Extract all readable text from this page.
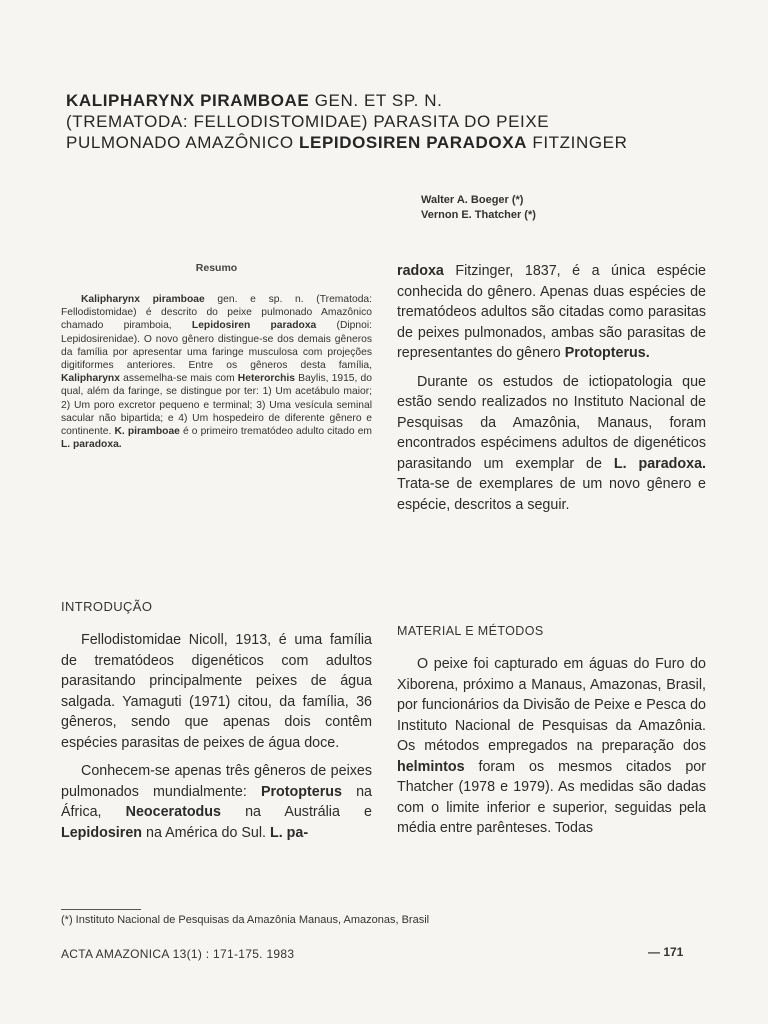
KALIPHARYNX PIRAMBOAE GEN. ET SP. N.
(TREMATODA: FELLODISTOMIDAE) PARASITA DO PEIXE
PULMONADO AMAZÔNICO LEPIDOSIREN PARADOXA FITZINGER
Walter A. Boeger (*)
Vernon E. Thatcher (*)
Resumo

Kalipharynx piramboae gen. e sp. n. (Trematoda: Fellodistomidae) é descrito do peixe pulmonado Amazônico chamado piramboia, Lepidosiren paradoxa (Dipnoi: Lepidosirenidae). O novo gênero distingue-se dos demais gêneros da família por apresentar uma faringe musculosa com projeções digitiformes anteriores. Entre os gêneros desta família, Kalipharynx assemelha-se mais com Heterorchis Baylis, 1915, do qual, além da faringe, se distingue por ter: 1) Um acetábulo maior; 2) Um poro excretor pequeno e terminal; 3) Uma vesícula seminal sacular não bipartida; e 4) Um hospedeiro de diferente gênero e continente. K. piramboae é o primeiro trematódeo adulto citado em L. paradoxa.

INTRODUÇÃO

Fellodistomidae Nicoll, 1913, é uma família de trematódeos digenéticos com adultos parasitando principalmente peixes de água salgada. Yamaguti (1971) citou, da família, 36 gêneros, sendo que apenas dois contêm espécies parasitas de peixes de água doce.

Conhecem-se apenas três gêneros de peixes pulmonados mundialmente: Protopterus na África, Neoceratodus na Austrália e Lepidosiren na América do Sul. L. pa-

radoxa Fitzinger, 1837, é a única espécie conhecida do gênero. Apenas duas espécies de trematódeos adultos são citadas como parasitas de peixes pulmonados, ambas são parasitas de representantes do gênero Protopterus.

Durante os estudos de ictiopatologia que estão sendo realizados no Instituto Nacional de Pesquisas da Amazônia, Manaus, foram encontrados espécimens adultos de digenéticos parasitando um exemplar de L. paradoxa. Trata-se de exemplares de um novo gênero e espécie, descritos a seguir.

MATERIAL E MÉTODOS

O peixe foi capturado em águas do Furo do Xiborena, próximo a Manaus, Amazonas, Brasil, por funcionários da Divisão de Peixe e Pesca do Instituto Nacional de Pesquisas da Amazônia. Os métodos empregados na preparação dos helmintos foram os mesmos citados por Thatcher (1978 e 1979). As medidas são dadas com o limite inferior e superior, seguidas pela média entre parênteses. Todas

(*) Instituto Nacional de Pesquisas da Amazônia Manaus, Amazonas, Brasil
ACTA AMAZONICA 13(1) : 171-175. 1983	— 171
